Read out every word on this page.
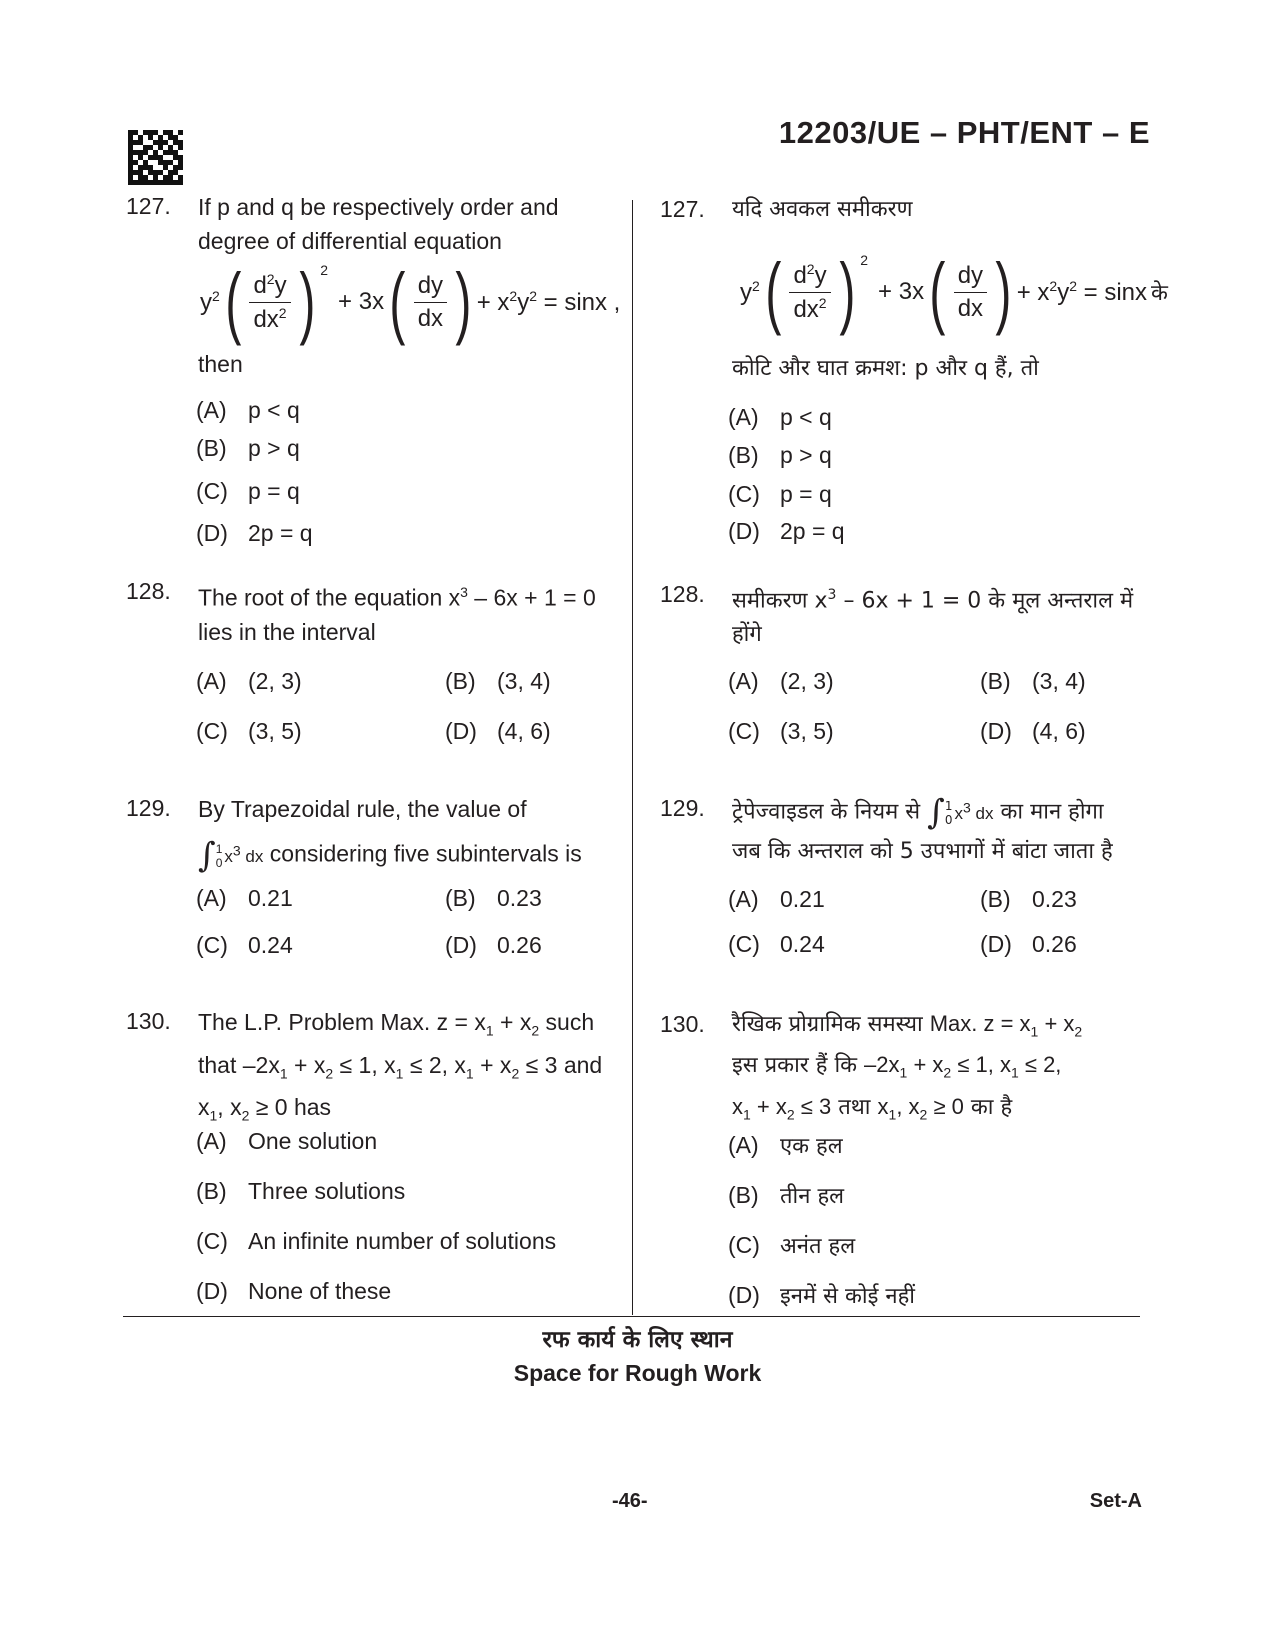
12203/UE – PHT/ENT – E
127. If p and q be respectively order and degree of differential equation
$y^2$ ( $\frac{d^2y}{dx^2}$ ) $^2$
+ 3x ( $\frac{dy}{dx}$ ) + $x^2y^2 = \sin x$ ,
then
(A) p < q
(B) p > q
(C) p = q
(D) 2p = q
128. The root of the equation $x^3 - 6x + 1 = 0$ lies in the interval
(A) (2, 3)	(B) (3, 4)
(C) (3, 5)	(D) (4, 6)
129. By Trapezoidal rule, the value of
∫ 1
0 $x^3$ dx considering five subintervals is
(A) 0.21	(B) 0.23
(C) 0.24	(D) 0.26
130. The L.P. Problem Max. $z = x_1 + x_2$ such
that $-2x_1 + x_2 \le 1$, $x_1 \le 2$, $x_1 + x_2 \le 3$ and
$x_1$, $x_2 \ge 0$ has
(A) One solution
(B) Three solutions
(C) An infinite number of solutions
(D) None of these
127. यदि अवकल समीकरण
$y^2$ ( $\frac{d^2y}{dx^2}$ ) $^2$
+ 3x ( $\frac{dy}{dx}$ ) + $x^2y^2 = \sin x$ के
कोटि और घात क्रमश: p और q हैं, तो
(A) p < q
(B) p > q
(C) p = q
(D) 2p = q
128. समीकरण $x^3 - 6x + 1 = 0$ के मूल अन्तराल में
होंगे
(A) (2, 3)	(B) (3, 4)
(C) (3, 5)	(D) (4, 6)
129. ट्रेपेज्वाइडल के नियम से ∫ 1
0 $x^3$ dx का मान होगा
जब कि अन्तराल को 5 उपभागों में बांटा जाता है
(A) 0.21	(B) 0.23
(C) 0.24	(D) 0.26
130. रैखिक प्रोग्रामिक समस्या Max. $z = x_1 + x_2$
इस प्रकार हैं कि $-2x_1 + x_2 \le 1$, $x_1 \le 2$,
$x_1 + x_2 \le 3$ तथा $x_1$, $x_2 \ge 0$ का है
(A) एक हल
(B) तीन हल
(C) अनंत हल
(D) इनमें से कोई नहीं
रफ कार्य के लिए स्थान
Space for Rough Work
-46-	Set-A
